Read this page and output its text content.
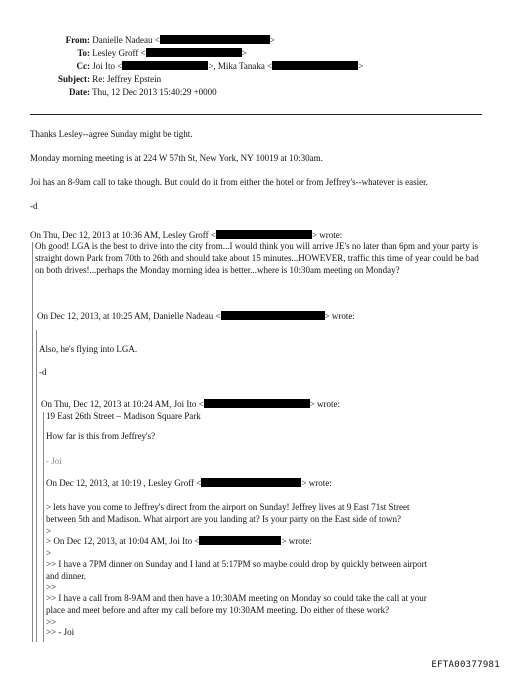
From: Danielle Nadeau <	>
To: Lesley Groff <	>
Cc: Joi Ito <	>, Mika Tanaka <	>
Subject: Re: Jeffrey Epstein
Date: Thu, 12 Dec 2013 15:40:29 +0000
Thanks Lesley--agree Sunday might be tight.
Monday morning meeting is at 224 W 57th St, New York, NY 10019 at 10:30am.
Joi has an 8-9am call to take though. But could do it from either the hotel or from Jeffrey's--whatever is easier.
-d
On Thu, Dec 12, 2013 at 10:36 AM, Lesley Groff <	> wrote:
Oh good! LGA is the best to drive into the city from...I would think you will arrive JE's no later than 6pm and your party is straight down Park from 70th to 26th and should take about 15 minutes...HOWEVER, traffic this time of year could be bad on both drives!...perhaps the Monday morning idea is better...where is 10:30am meeting on Monday?
On Dec 12, 2013, at 10:25 AM, Danielle Nadeau <	> wrote:
Also, he's flying into LGA.
-d
On Thu, Dec 12, 2013 at 10:24 AM, Joi Ito <	> wrote:
19 East 26th Street – Madison Square Park
How far is this from Jeffrey's?
- Joi
On Dec 12, 2013, at 10:19 , Lesley Groff <	> wrote:
> lets have you come to Jeffrey's direct from the airport on Sunday! Jeffrey lives at 9 East 71st Street
between 5th and Madison. What airport are you landing at? Is your party on the East side of town?
>
> On Dec 12, 2013, at 10:04 AM, Joi Ito <	> wrote:
>
>> I have a 7PM dinner on Sunday and I land at 5:17PM so maybe could drop by quickly between airport
and dinner.
>>
>> I have a call from 8-9AM and then have a 10:30AM meeting on Monday so could take the call at your
place and meet before and after my call before my 10:30AM meeting. Do either of these work?
>>
>> - Joi
EFTA00377981
